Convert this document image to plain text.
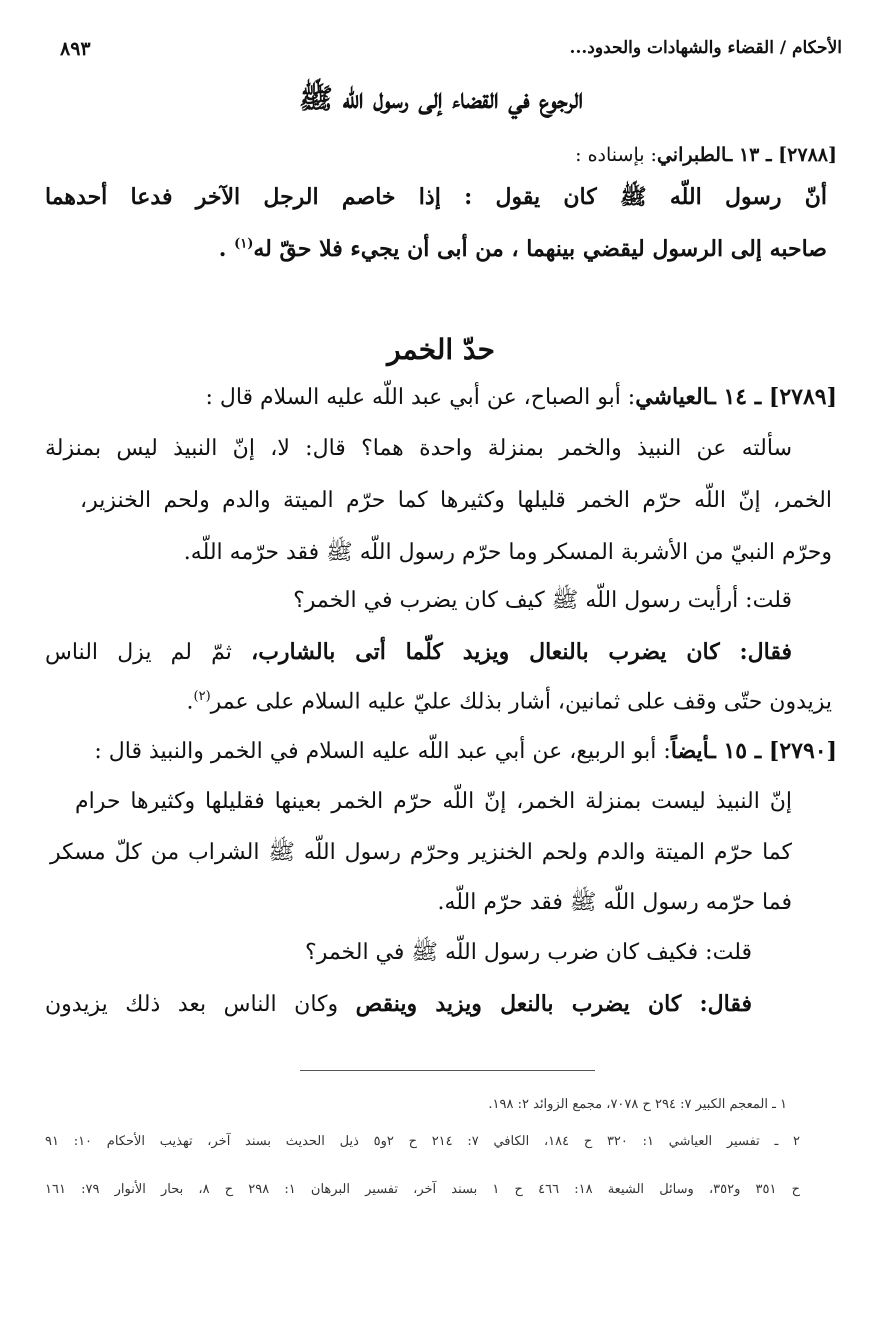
الأحكام / القضاء والشهادات والحدود...
٨٩٣
الرجوع في القضاء إلى رسول اللّه ﷺ
[٢٧٨٨] ـ ١٣ ـالطبراني: بإسناده :
أنّ رسول اللّه ﷺ كان يقول : إذا خاصم الرجل الآخر فدعا أحدهما
صاحبه إلى الرسول ليقضي بينهما ، من أبى أن يجيء فلا حقّ له$^{(١)}$ .
حدّ الخمر
[٢٧٨٩] ـ ١٤ ـالعياشي: أبو الصباح، عن أبي عبد اللّه عليه السلام قال :
سألته عن النبيذ والخمر بمنزلة واحدة هما؟ قال: لا، إنّ النبيذ ليس بمنزلة
الخمر، إنّ اللّه حرّم الخمر قليلها وكثيرها كما حرّم الميتة والدم ولحم الخنزير،
وحرّم النبيّ من الأشربة المسكر وما حرّم رسول اللّه ﷺ فقد حرّمه اللّه.
قلت: أرأيت رسول اللّه ﷺ كيف كان يضرب في الخمر؟
فقال: كان يضرب بالنعال ويزيد كلّما أتى بالشارب، ثمّ لم يزل الناس
يزيدون حتّى وقف على ثمانين، أشار بذلك عليّ عليه السلام على عمر$^{(٢)}$.
[٢٧٩٠] ـ ١٥ ـأيضاً: أبو الربيع، عن أبي عبد اللّه عليه السلام في الخمر والنبيذ قال :
إنّ النبيذ ليست بمنزلة الخمر، إنّ اللّه حرّم الخمر بعينها فقليلها وكثيرها حرام
كما حرّم الميتة والدم ولحم الخنزير وحرّم رسول اللّه ﷺ الشراب من كلّ مسكر
فما حرّمه رسول اللّه ﷺ فقد حرّم اللّه.
قلت: فكيف كان ضرب رسول اللّه ﷺ في الخمر؟
فقال: كان يضرب بالنعل ويزيد وينقص وكان الناس بعد ذلك يزيدون
١ ـ المعجم الكبير ٧: ٢٩٤ ح ٧٠٧٨، مجمع الزوائد ٢: ١٩٨.
٢ ـ تفسير العياشي ١: ٣٢٠ ح ١٨٤، الكافي ٧: ٢١٤ ح ٢و٥ ذيل الحديث بسند آخر، تهذيب الأحكام ١٠: ٩١
ح ٣٥١ و٣٥٢، وسائل الشيعة ١٨: ٤٦٦ ح ١ بسند آخر، تفسير البرهان ١: ٢٩٨ ح ٨، بحار الأنوار ٧٩: ١٦١
